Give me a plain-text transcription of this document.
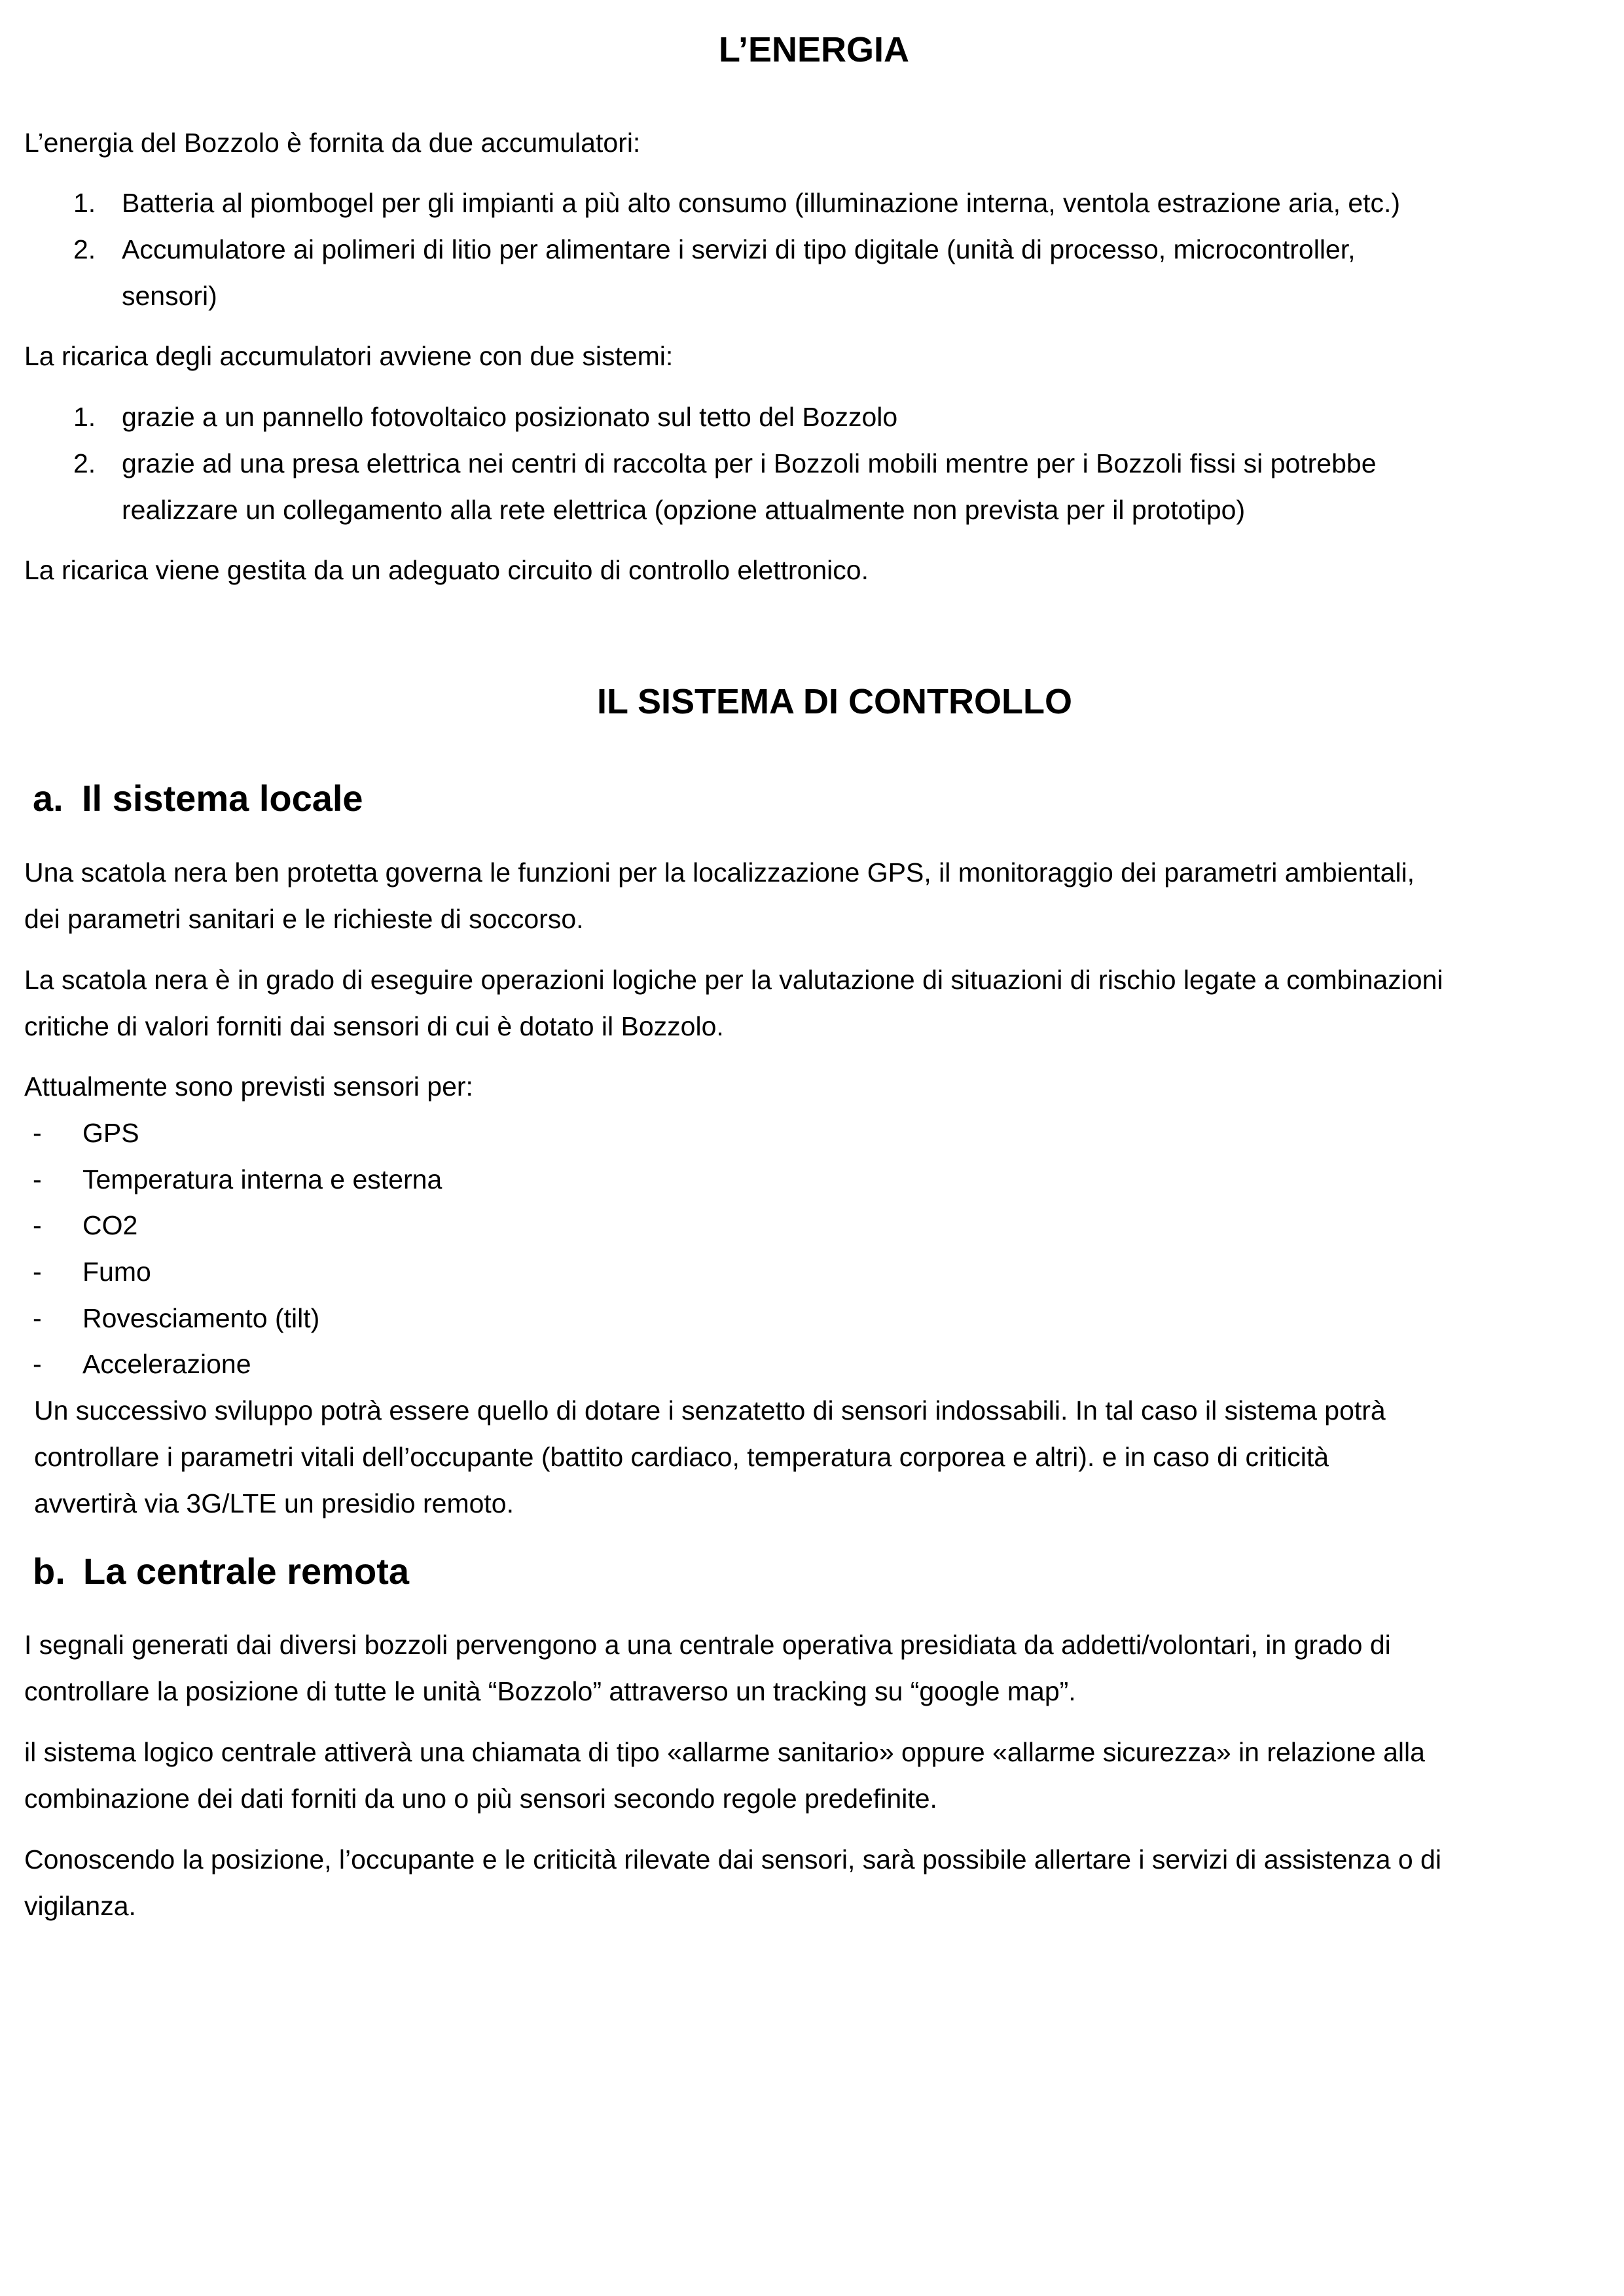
L’ENERGIA

L’energia del Bozzolo è fornita da due accumulatori:

1. Batteria al piombogel per gli impianti a più alto consumo (illuminazione interna, ventola estrazione aria, etc.)

2. Accumulatore ai polimeri di litio per alimentare i servizi di tipo digitale (unità di processo, microcontroller,

sensori)

La ricarica degli accumulatori avviene con due sistemi:

1. grazie a un pannello fotovoltaico posizionato sul tetto del Bozzolo

2. grazie ad una presa elettrica nei centri di raccolta per i Bozzoli mobili mentre per i Bozzoli fissi si potrebbe

realizzare un collegamento alla rete elettrica (opzione attualmente non prevista per il prototipo)

La ricarica viene gestita da un adeguato circuito di controllo elettronico.

IL SISTEMA DI CONTROLLO
a. Il sistema locale

Una scatola nera ben protetta governa le funzioni per la localizzazione GPS, il monitoraggio dei parametri ambientali,

dei parametri sanitari e le richieste di soccorso.

La scatola nera è in grado di eseguire operazioni logiche per la valutazione di situazioni di rischio legate a combinazioni

critiche di valori forniti dai sensori di cui è dotato il Bozzolo.

Attualmente sono previsti sensori per:

- GPS

- Temperatura interna e esterna

- CO2

- Fumo

- Rovesciamento (tilt)

- Accelerazione

Un successivo sviluppo potrà essere quello di dotare i senzatetto di sensori indossabili. In tal caso il sistema potrà

controllare i parametri vitali dell’occupante (battito cardiaco, temperatura corporea e altri). e in caso di criticità

avvertirà via 3G/LTE un presidio remoto.

b. La centrale remota

I segnali generati dai diversi bozzoli pervengono a una centrale operativa presidiata da addetti/volontari, in grado di

controllare la posizione di tutte le unità “Bozzolo” attraverso un tracking su “google map”.

il sistema logico centrale attiverà una chiamata di tipo «allarme sanitario» oppure «allarme sicurezza» in relazione alla

combinazione dei dati forniti da uno o più sensori secondo regole predefinite.

Conoscendo la posizione, l’occupante e le criticità rilevate dai sensori, sarà possibile allertare i servizi di assistenza o di

vigilanza.
